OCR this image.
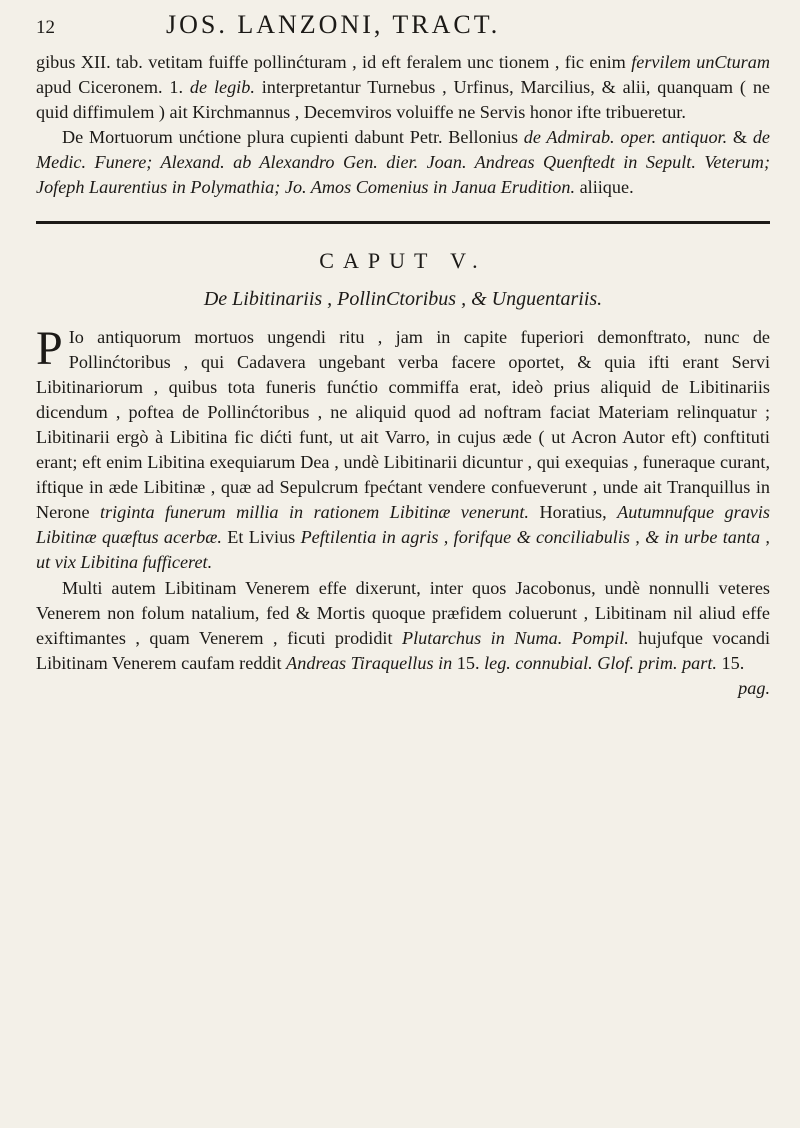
12	JOS. LANZONI, TRACT.

gibus XII. tab. vetitam fuiffe pollinćturam , id eft feralem unc tionem , fic enim fervilem unCturam apud Ciceronem. 1. de legib. interpretantur Turnebus , Urfinus, Marcilius, & alii, quanquam ( ne quid diffimulem ) ait Kirchmannus , Decemviros voluiffe ne Servis honor ifte tribueretur.

De Mortuorum unćtione plura cupienti dabunt Petr. Bellonius de Admirab. oper. antiquor. & de Medic. Funere; Alexand. ab Alexandro Gen. dier. Joan. Andreas Quenftedt in Sepult. Veterum; Jofeph Laurentius in Polymathia; Jo. Amos Comenius in Janua Erudition. aliique.

CAPUT V.
De Libitinariis , PollinCtoribus , & Unguentariis.

P Io antiquorum mortuos ungendi ritu , jam in capite fuperiori demonftrato, nunc de Pollinćtoribus , qui Cadavera ungebant verba facere oportet, & quia ifti erant Servi Libitinariorum , quibus tota funeris funćtio commiffa erat, ideò prius aliquid de Libitinariis dicendum , poftea de Pollinćtoribus , ne aliquid quod ad noftram faciat Materiam relinquatur ; Libitinarii ergò à Libitina fic dićti funt, ut ait Varro, in cujus æde ( ut Acron Autor eft) conftituti erant; eft enim Libitina exequiarum Dea , undè Libitinarii dicuntur , qui exequias , funeraque curant, iftique in æde Libitinæ , quæ ad Sepulcrum fpećtant vendere confueverunt , unde ait Tranquillus in Nerone triginta funerum millia in rationem Libitinæ venerunt. Horatius, Autumnufque gravis Libitinæ quæftus acerbæ. Et Livius Peftilentia in agris , forifque & conciliabulis , & in urbe tanta , ut vix Libitina fufficeret.

Multi autem Libitinam Venerem effe dixerunt, inter quos Jacobonus, undè nonnulli veteres Venerem non folum natalium, fed & Mortis quoque præfidem coluerunt , Libitinam nil aliud effe exiftimantes , quam Venerem , ficuti prodidit Plutarchus in Numa. Pompil. hujufque vocandi Libitinam Venerem caufam reddit Andreas Tiraquellus in 15. leg. connubial. Glof. prim. part. 15.

pag.
